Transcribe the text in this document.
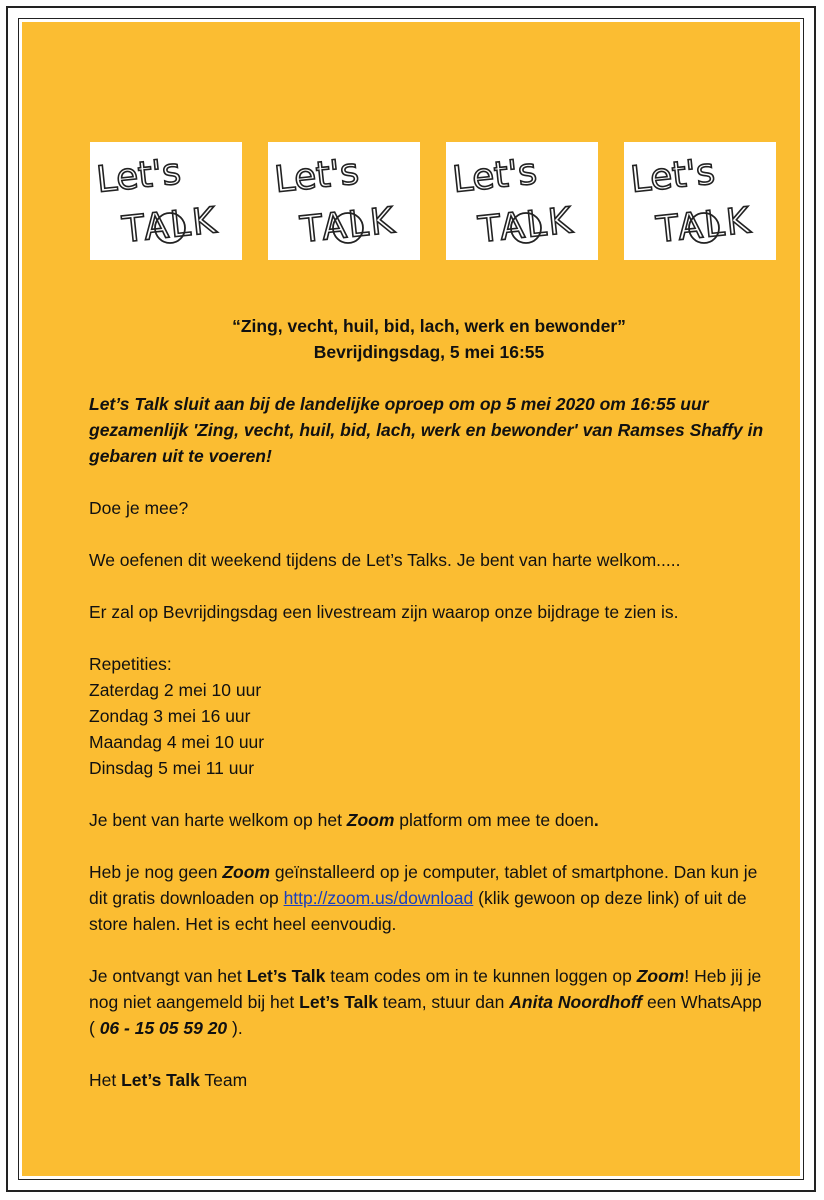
Let's
TALK
Let's
TALK
Let's
TALK
Let's
TALK

“Zing, vecht, huil, bid, lach, werk en bewonder”

Bevrijdingsdag, 5 mei 16:55

Let’s Talk sluit aan bij de landelijke oproep om op 5 mei 2020 om 16:55 uur gezamenlijk 'Zing, vecht, huil, bid, lach, werk en bewonder' van Ramses Shaffy in gebaren uit te voeren!

Doe je mee?

We oefenen dit weekend tijdens de Let’s Talks. Je bent van harte welkom.....

Er zal op Bevrijdingsdag een livestream zijn waarop onze bijdrage te zien is.

Repetities:

Zaterdag 2 mei 10 uur

Zondag 3 mei 16 uur

Maandag 4 mei 10 uur

Dinsdag 5 mei 11 uur

Je bent van harte welkom op het Zoom platform om mee te doen.

Heb je nog geen Zoom geïnstalleerd op je computer, tablet of smartphone. Dan kun je dit gratis downloaden op http://zoom.us/download (klik gewoon op deze link) of uit de store halen. Het is echt heel eenvoudig.

Je ontvangt van het Let’s Talk team codes om in te kunnen loggen op Zoom! Heb jij je nog niet aangemeld bij het Let’s Talk team, stuur dan Anita Noordhoff een WhatsApp ( 06 - 15 05 59 20 ).

Het Let’s Talk Team
